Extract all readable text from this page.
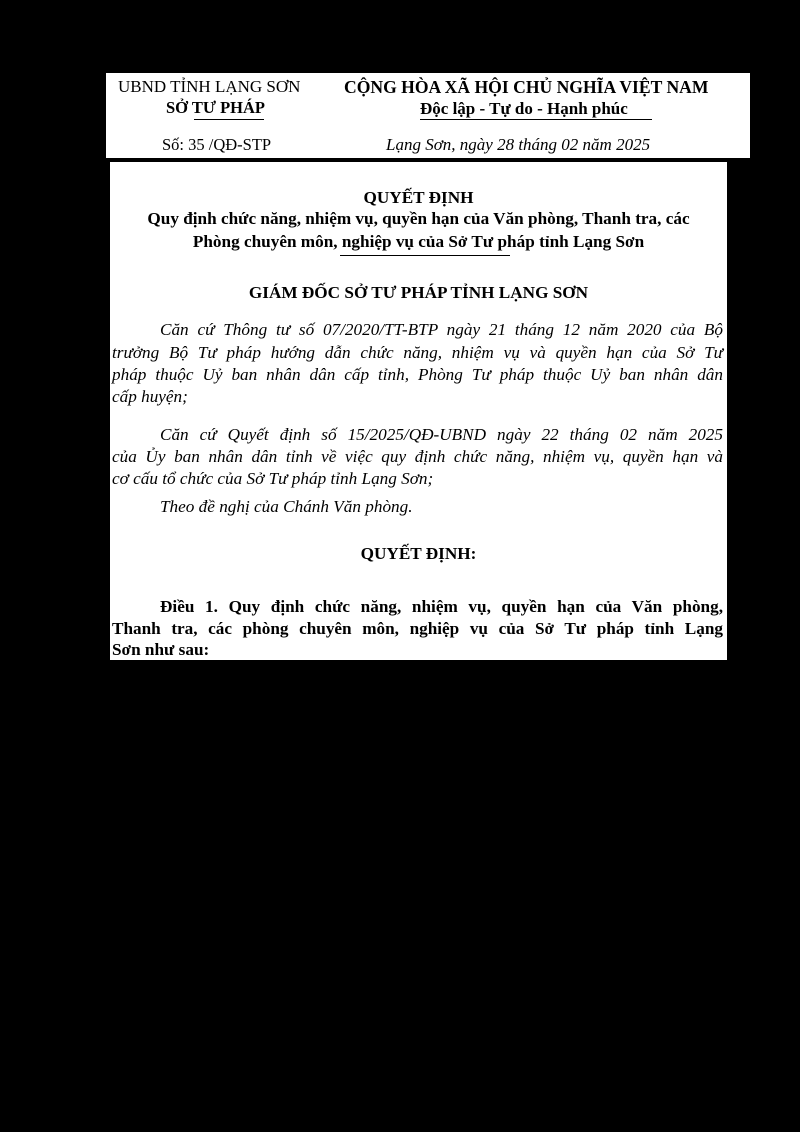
UBND TỈNH LẠNG SƠN
SỞ TƯ PHÁP
Số: 35 /QĐ-STP
CỘNG HÒA XÃ HỘI CHỦ NGHĨA VIỆT NAM
Độc lập - Tự do - Hạnh phúc
Lạng Sơn, ngày 28 tháng 02 năm 2025
QUYẾT ĐỊNH
Quy định chức năng, nhiệm vụ, quyền hạn của Văn phòng, Thanh tra, các
Phòng chuyên môn, nghiệp vụ của Sở Tư pháp tỉnh Lạng Sơn
GIÁM ĐỐC SỞ TƯ PHÁP TỈNH LẠNG SƠN
Căn cứ Thông tư số 07/2020/TT-BTP ngày 21 tháng 12 năm 2020 của Bộ
trưởng Bộ Tư pháp hướng dẫn chức năng, nhiệm vụ và quyền hạn của Sở Tư
pháp thuộc Uỷ ban nhân dân cấp tỉnh, Phòng Tư pháp thuộc Uỷ ban nhân dân
cấp huyện;
Căn cứ Quyết định số 15/2025/QĐ-UBND ngày 22 tháng 02 năm 2025
của Ủy ban nhân dân tỉnh về việc quy định chức năng, nhiệm vụ, quyền hạn và
cơ cấu tổ chức của Sở Tư pháp tỉnh Lạng Sơn;
Theo đề nghị của Chánh Văn phòng.
QUYẾT ĐỊNH:
Điều 1. Quy định chức năng, nhiệm vụ, quyền hạn của Văn phòng,
Thanh tra, các phòng chuyên môn, nghiệp vụ của Sở Tư pháp tỉnh Lạng
Sơn như sau:
